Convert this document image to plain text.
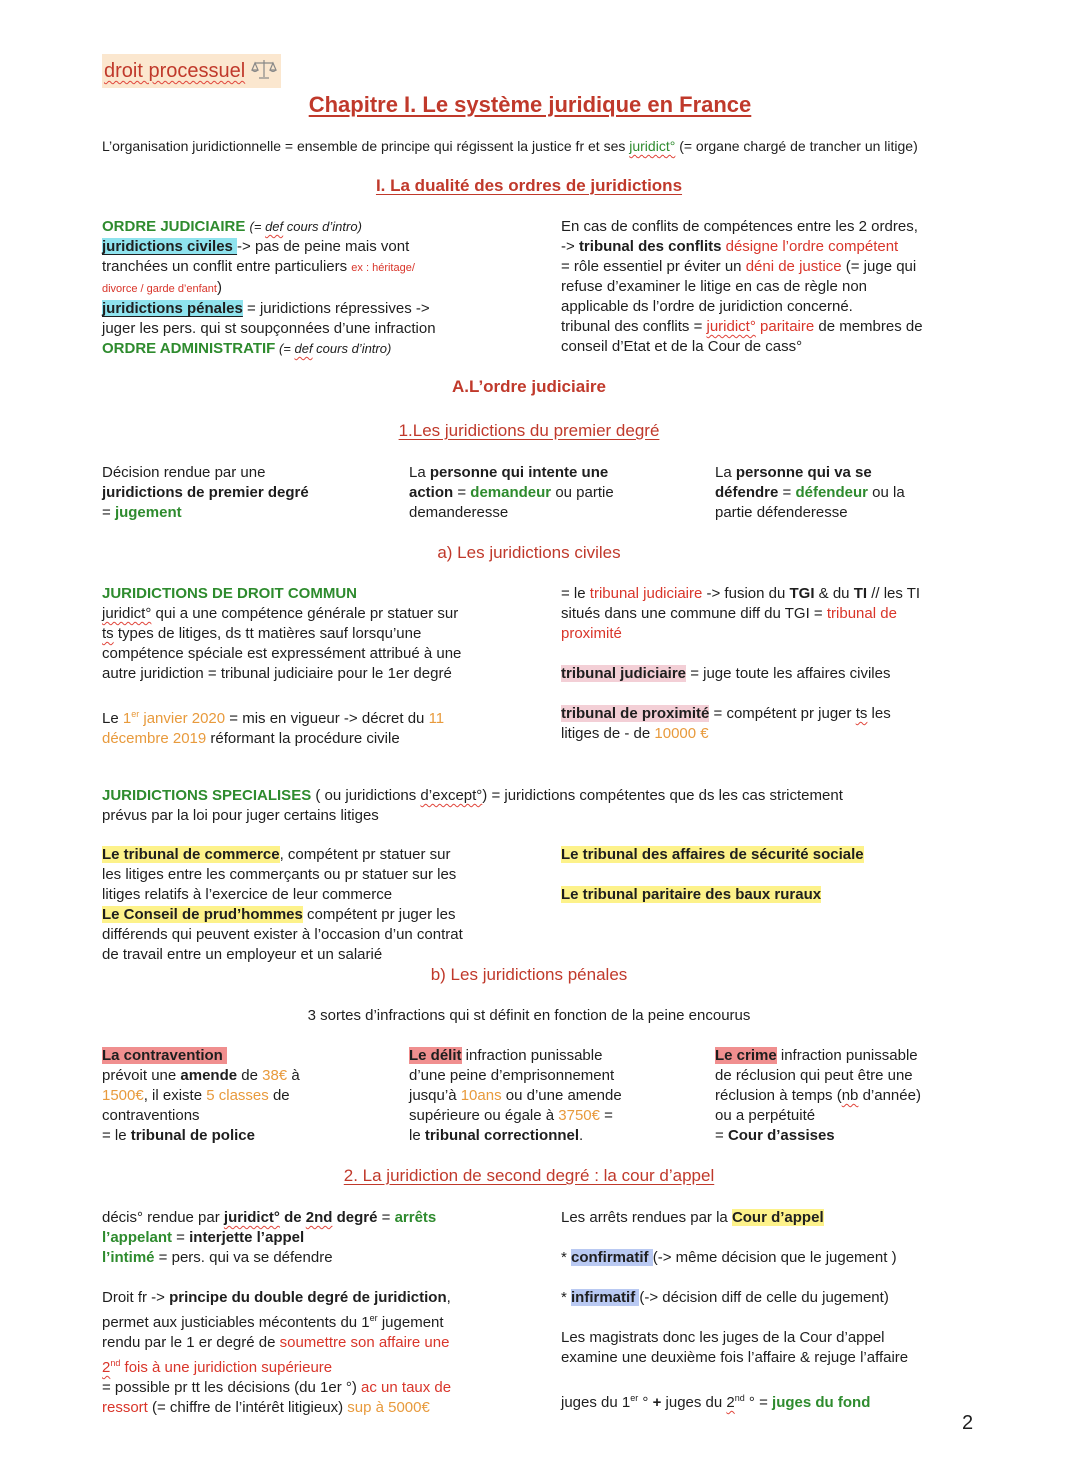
droit processuel
Chapitre I. Le système juridique en France
L’organisation juridictionnelle = ensemble de principe qui régissent la justice fr et ses juridict° (= organe chargé de trancher un litige)
I. La dualité des ordres de juridictions
ORDRE JUDICIAIRE (= def cours d’intro)
juridictions civiles -> pas de peine mais vont
tranchées un conflit entre particuliers ex : héritage/
divorce / garde d’enfant)
juridictions pénales = juridictions répressives ->
juger les pers. qui st soupçonnées d’une infraction
ORDRE ADMINISTRATIF (= def cours d’intro)
En cas de conflits de compétences entre les 2 ordres,
-> tribunal des conflits désigne l’ordre compétent
= rôle essentiel pr éviter un déni de justice (= juge qui
refuse d’examiner le litige en cas de règle non
applicable ds l’ordre de juridiction concerné.
tribunal des conflits = juridict° paritaire de membres de
conseil d’Etat et de la Cour de cass°
A.L’ordre judiciaire
1.Les juridictions du premier degré
Décision rendue par une
juridictions de premier degré
= jugement
La personne qui intente une
action = demandeur ou partie
demanderesse
La personne qui va se
défendre = défendeur ou la
partie défenderesse
a) Les juridictions civiles
JURIDICTIONS DE DROIT COMMUN
juridict° qui a une compétence générale pr statuer sur
ts types de litiges, ds tt matières sauf lorsqu’une
compétence spéciale est expressément attribué à une
autre juridiction = tribunal judiciaire pour le 1er degré
Le 1er janvier 2020 = mis en vigueur -> décret du 11
décembre 2019 réformant la procédure civile
= le tribunal judiciaire -> fusion du TGI & du TI // les TI
situés dans une commune diff du TGI = tribunal de
proximité
tribunal judiciaire = juge toute les affaires civiles
tribunal de proximité = compétent pr juger ts les
litiges de - de 10000 €
JURIDICTIONS SPECIALISES ( ou juridictions d’except°) = juridictions compétentes que ds les cas strictement
prévus par la loi pour juger certains litiges
Le tribunal de commerce, compétent pr statuer sur
les litiges entre les commerçants ou pr statuer sur les
litiges relatifs à l’exercice de leur commerce
Le Conseil de prud’hommes compétent pr juger les
différends qui peuvent exister à l’occasion d’un contrat
de travail entre un employeur et un salarié
Le tribunal des affaires de sécurité sociale
Le tribunal paritaire des baux ruraux
b) Les juridictions pénales
3 sortes d’infractions qui st définit en fonction de la peine encourus
La contravention
prévoit une amende de 38€ à
1500€, il existe 5 classes de
contraventions
= le tribunal de police
Le délit infraction punissable
d’une peine d’emprisonnement
jusqu’à 10ans ou d’une amende
supérieure ou égale à 3750€ =
le tribunal correctionnel.
Le crime infraction punissable
de réclusion qui peut être une
réclusion à temps (nb d’année)
ou a perpétuité
= Cour d’assises
2. La juridiction de second degré : la cour d’appel
décis° rendue par juridict° de 2nd degré = arrêts
l’appelant = interjette l’appel
l’intimé = pers. qui va se défendre
Droit fr -> principe du double degré de juridiction,
permet aux justiciables mécontents du 1er jugement
rendu par le 1 er degré de soumettre son affaire une
2nd fois à une juridiction supérieure
= possible pr tt les décisions (du 1er °) ac un taux de
ressort (= chiffre de l’intérêt litigieux) sup à 5000€
Les arrêts rendues par la Cour d’appel
* confirmatif (-> même décision que le jugement )
* infirmatif (-> décision diff de celle du jugement)
Les magistrats donc les juges de la Cour d’appel
examine une deuxième fois l’affaire & rejuge l’affaire
juges du 1er ° + juges du 2nd ° = juges du fond
2
